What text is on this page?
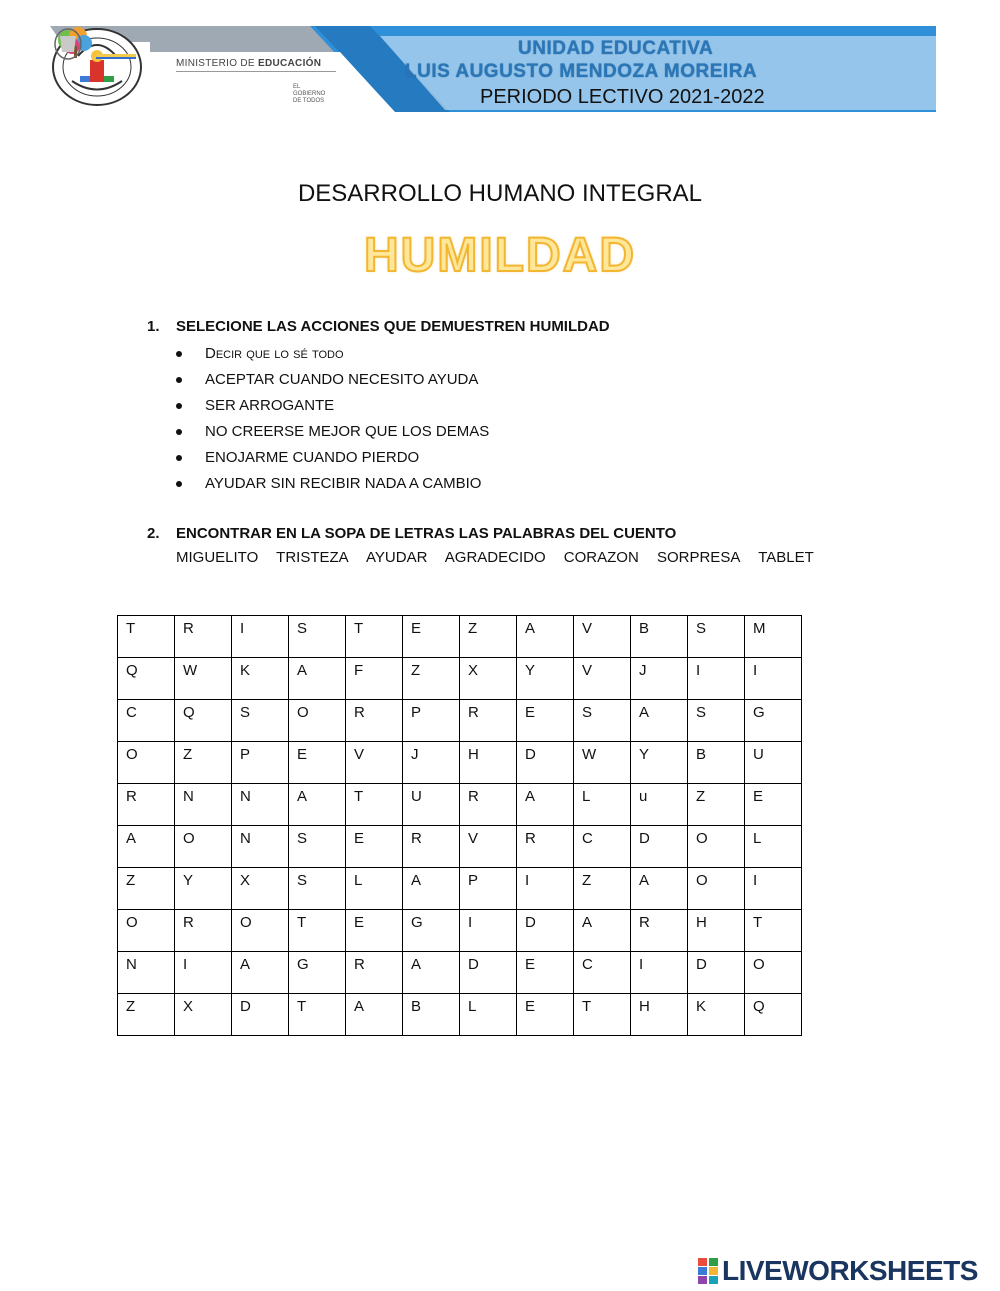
MINISTERIO DE EDUCACIÓN
EL
GOBIERNO
DE TODOS
UNIDAD EDUCATIVA
LUIS AUGUSTO MENDOZA MOREIRA
PERIODO LECTIVO 2021-2022
DESARROLLO HUMANO INTEGRAL
HUMILDAD
1. SELECIONE LAS ACCIONES QUE DEMUESTREN HUMILDAD
Decir que lo sé todo
ACEPTAR CUANDO NECESITO AYUDA
SER ARROGANTE
NO CREERSE MEJOR QUE LOS DEMAS
ENOJARME CUANDO PIERDO
AYUDAR SIN RECIBIR NADA A CAMBIO
2. ENCONTRAR EN LA SOPA DE LETRAS LAS PALABRAS DEL CUENTO
MIGUELITO TRISTEZA AYUDAR AGRADECIDO CORAZON SORPRESA TABLET
T	R	I	S	T	E	Z	A	V	B	S	M
Q	W	K	A	F	Z	X	Y	V	J	I	I
C	Q	S	O	R	P	R	E	S	A	S	G
O	Z	P	E	V	J	H	D	W	Y	B	U
R	N	N	A	T	U	R	A	L	u	Z	E
A	O	N	S	E	R	V	R	C	D	O	L
Z	Y	X	S	L	A	P	I	Z	A	O	I
O	R	O	T	E	G	I	D	A	R	H	T
N	I	A	G	R	A	D	E	C	I	D	O
Z	X	D	T	A	B	L	E	T	H	K	Q
LIVEWORKSHEETS
